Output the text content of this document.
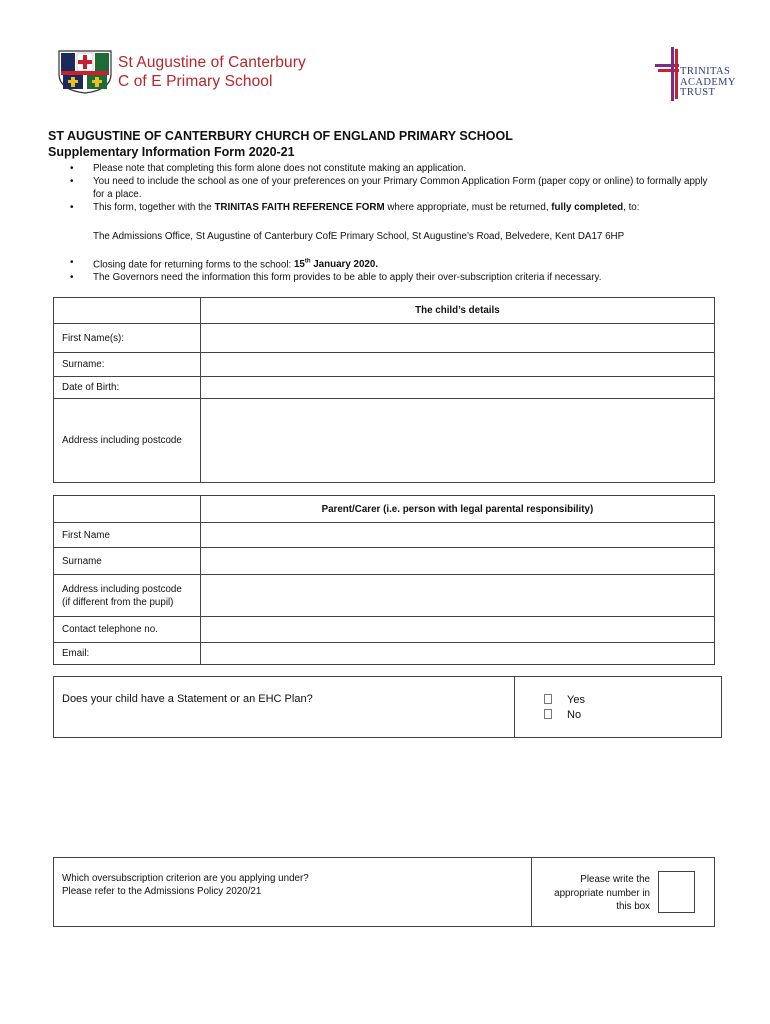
St Augustine of Canterbury
C of E Primary School
TRINITAS
ACADEMY
TRUST
ST AUGUSTINE OF CANTERBURY CHURCH OF ENGLAND PRIMARY SCHOOL
Supplementary Information Form 2020-21
• Please note that completing this form alone does not constitute making an application.
• You need to include the school as one of your preferences on your Primary Common Application Form (paper copy or online) to formally apply for a place.
• This form, together with the TRINITAS FAITH REFERENCE FORM where appropriate, must be returned, fully completed, to:
The Admissions Office, St Augustine of Canterbury CofE Primary School, St Augustine’s Road, Belvedere, Kent DA17 6HP
• Closing date for returning forms to the school: 15th January 2020.
• The Governors need the information this form provides to be able to apply their over-subscription criteria if necessary.
	The child’s details
First Name(s):	
Surname:	
Date of Birth:	
Address including postcode	
	Parent/Carer (i.e. person with legal parental responsibility)
First Name	
Surname	

Address including postcode
(if different from the pupil)	

Contact telephone no.	
Email:	
Does your child have a Statement or an EHC Plan?	Yes
No
Which oversubscription criterion are you applying under?
Please refer to the Admissions Policy 2020/21
Please write the
appropriate number in
this box
